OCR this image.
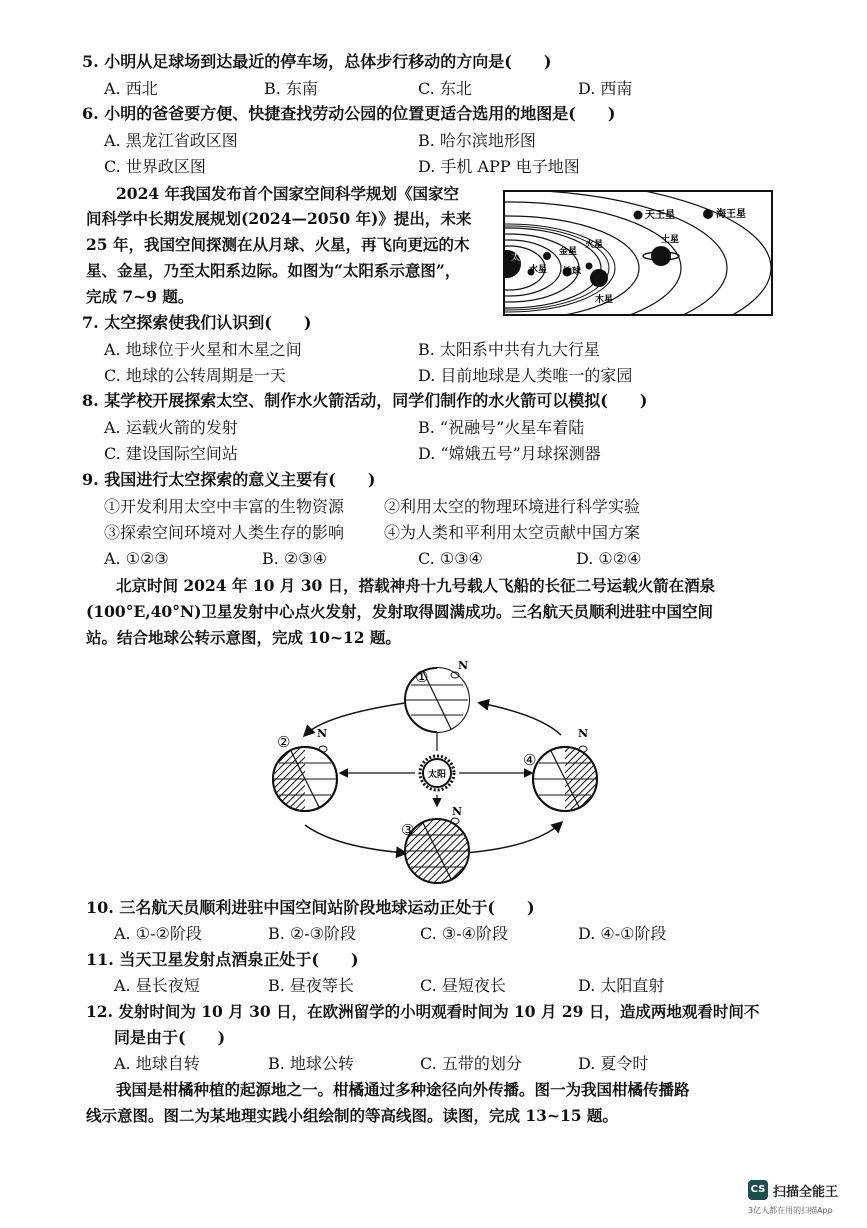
5. 小明从足球场到达最近的停车场，总体步行移动的方向是(　　)
A. 西北	B. 东南	C. 东北	D. 西南
6. 小明的爸爸要方便、快捷查找劳动公园的位置更适合选用的地图是(　　)
A. 黑龙江省政区图	B. 哈尔滨地形图
C. 世界政区图	D. 手机 APP 电子地图
2024 年我国发布首个国家空间科学规划《国家空
间科学中长期发展规划(2024—2050 年)》提出，未来
25 年，我国空间探测在从月球、火星，再飞向更远的木
星、金星，乃至太阳系边际。如图为“太阳系示意图”，
完成 7~9 题。
太阳
天王星	海王星
火星
金星
土星
水星 地球
木星
7. 太空探索使我们认识到(　　)
A. 地球位于火星和木星之间	B. 太阳系中共有九大行星
C. 地球的公转周期是一天	D. 目前地球是人类唯一的家园
8. 某学校开展探索太空、制作水火箭活动，同学们制作的水火箭可以模拟(　　)
A. 运载火箭的发射	B. “祝融号”火星车着陆
C. 建设国际空间站	D. “嫦娥五号”月球探测器
9. 我国进行太空探索的意义主要有(　　)
①开发利用太空中丰富的生物资源 ②利用太空的物理环境进行科学实验
③探索空间环境对人类生存的影响 ④为人类和平利用太空贡献中国方案
A. ①②③	B. ②③④	C. ①③④	D. ①②④
北京时间 2024 年 10 月 30 日，搭载神舟十九号载人飞船的长征二号运载火箭在酒泉
(100°E,40°N)卫星发射中心点火发射，发射取得圆满成功。三名航天员顺利进驻中国空间
站。结合地球公转示意图，完成 10~12 题。
太阳
N
①
N
②
N
③
N
④
10. 三名航天员顺利进驻中国空间站阶段地球运动正处于(　　)
A. ①-②阶段	B. ②-③阶段	C. ③-④阶段	D. ④-①阶段
11. 当天卫星发射点酒泉正处于(　　)
A. 昼长夜短	B. 昼夜等长	C. 昼短夜长	D. 太阳直射
12. 发射时间为 10 月 30 日，在欧洲留学的小明观看时间为 10 月 29 日，造成两地观看时间不
同是由于(　　)
A. 地球自转	B. 地球公转	C. 五带的划分	D. 夏令时
我国是柑橘种植的起源地之一。柑橘通过多种途径向外传播。图一为我国柑橘传播路
线示意图。图二为某地理实践小组绘制的等高线图。读图，完成 13~15 题。
CS 扫描全能王
3亿人都在用的扫描App
